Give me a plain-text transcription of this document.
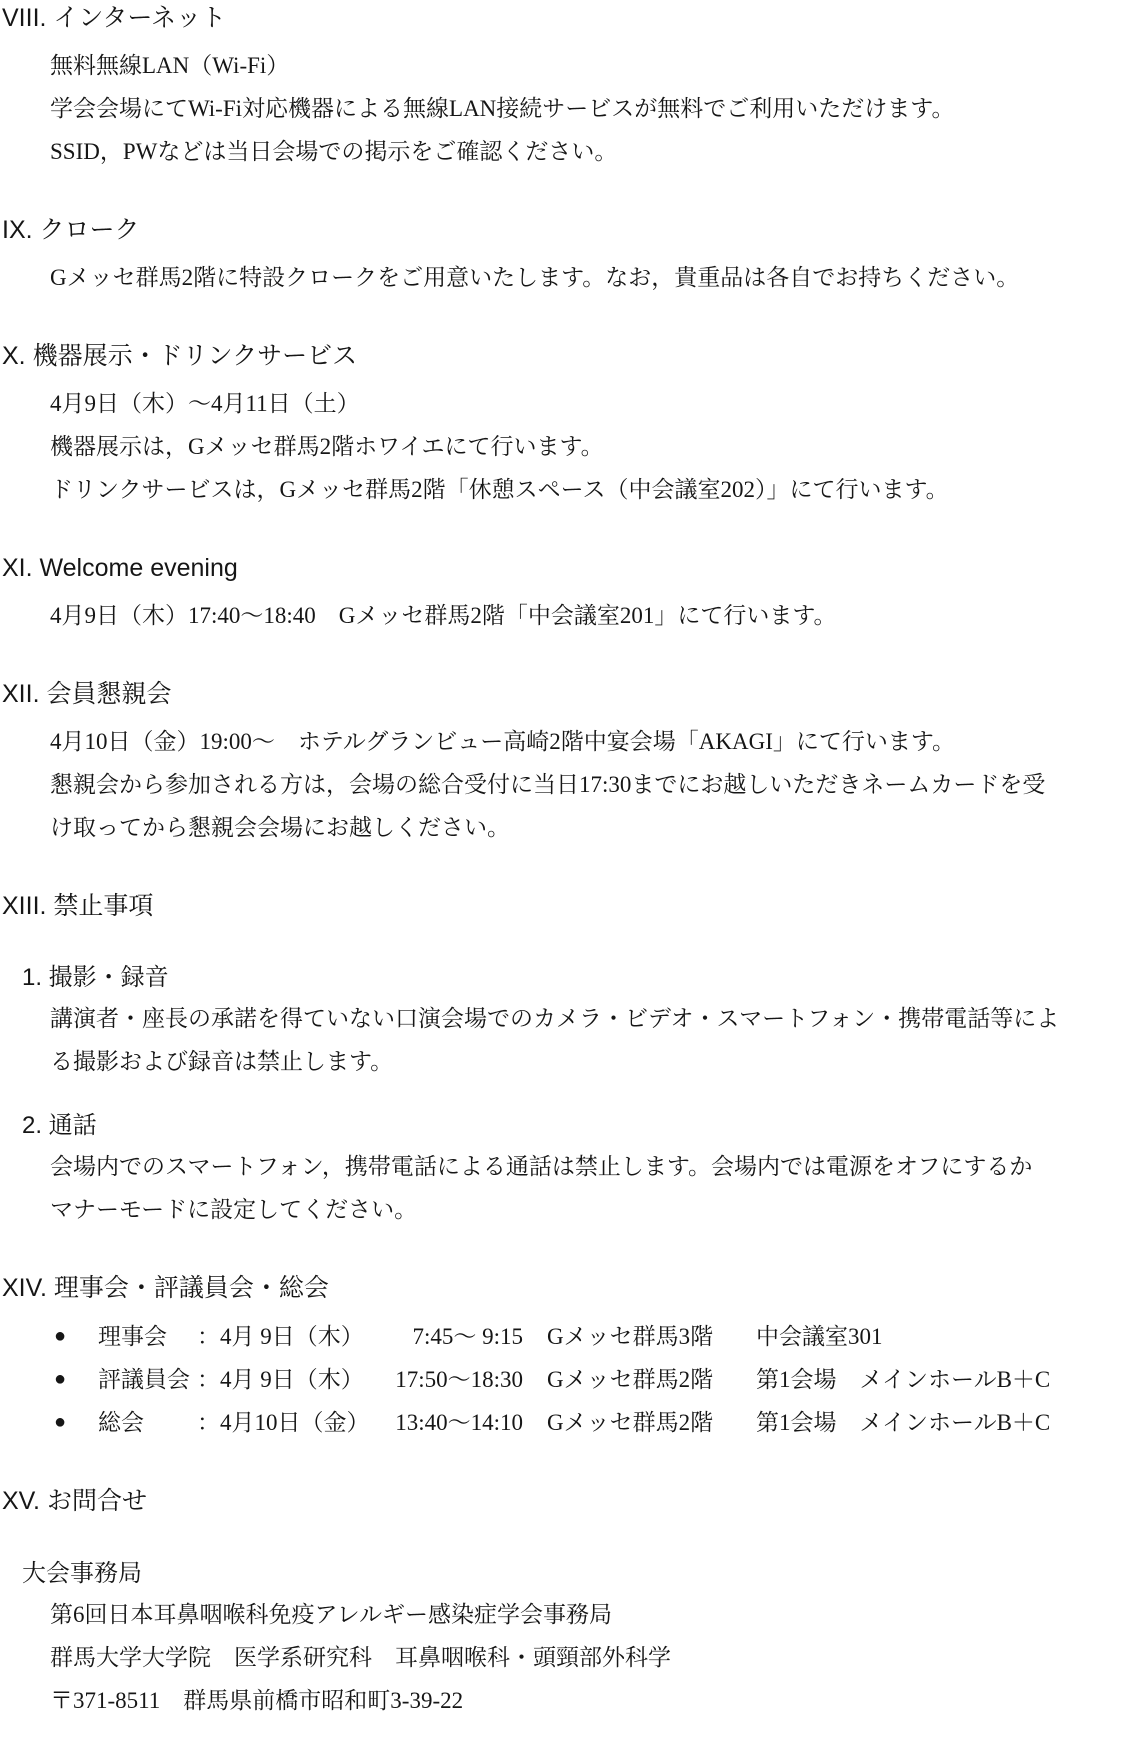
VIII. インターネット
無料無線LAN（Wi-Fi）
学会会場にてWi-Fi対応機器による無線LAN接続サービスが無料でご利用いただけます。
SSID，PWなどは当日会場での掲示をご確認ください。
IX. クローク
Gメッセ群馬2階に特設クロークをご用意いたします。なお，貴重品は各自でお持ちください。
X. 機器展示・ドリンクサービス
4月9日（木）～4月11日（土）
機器展示は，Gメッセ群馬2階ホワイエにて行います。
ドリンクサービスは，Gメッセ群馬2階「休憩スペース（中会議室202）」にて行います。
XI. Welcome evening
4月9日（木）17:40～18:40　Gメッセ群馬2階「中会議室201」にて行います。
XII. 会員懇親会
4月10日（金）19:00～　ホテルグランビュー高崎2階中宴会場「AKAGI」にて行います。
懇親会から参加される方は，会場の総合受付に当日17:30までにお越しいただきネームカードを受
け取ってから懇親会会場にお越しください。
XIII. 禁止事項
1. 撮影・録音
講演者・座長の承諾を得ていない口演会場でのカメラ・ビデオ・スマートフォン・携帯電話等によ
る撮影および録音は禁止します。
2. 通話
会場内でのスマートフォン，携帯電話による通話は禁止します。会場内では電源をオフにするか
マナーモードに設定してください。
XIV. 理事会・評議員会・総会
●	理事会	：4月 9日（木）	7:45～ 9:15	Gメッセ群馬3階	中会議室301
●	評議員会 ：4月 9日（木）	17:50～18:30	Gメッセ群馬2階	第1会場　メインホールB＋C
●	総会	：4月10日（金）	13:40～14:10	Gメッセ群馬2階	第1会場　メインホールB＋C
XV. お問合せ
大会事務局
第6回日本耳鼻咽喉科免疫アレルギー感染症学会事務局
群馬大学大学院　医学系研究科　耳鼻咽喉科・頭頸部外科学
〒371-8511　群馬県前橋市昭和町3-39-22
